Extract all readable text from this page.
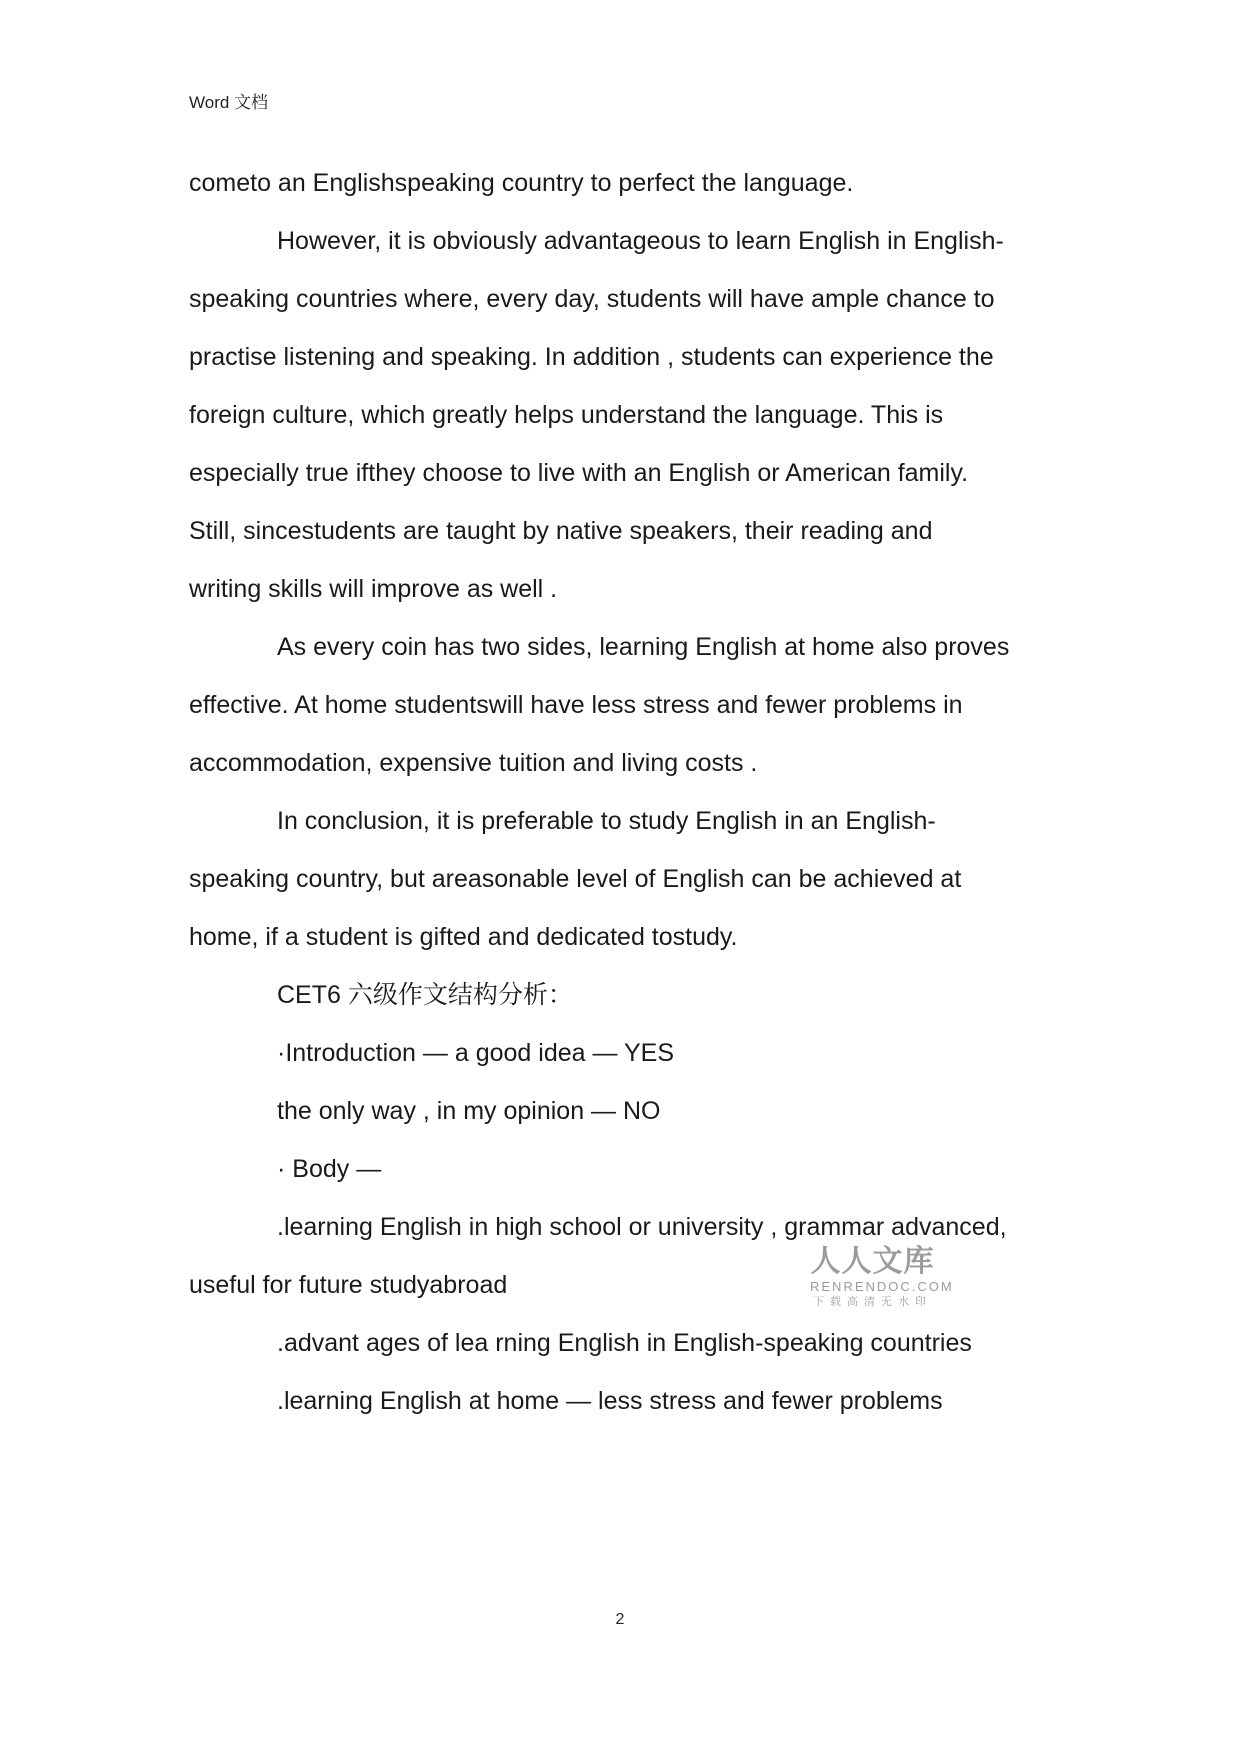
Word 文档
cometo an Englishspeaking country to perfect the language.
However, it is obviously advantageous to learn English in English-
speaking countries where, every day, students will have ample chance to
practise listening and speaking. In addition , students can experience the
foreign culture, which greatly helps understand the language. This is
especially true ifthey choose to live with an English or American family.
Still, sincestudents are taught by native speakers, their reading and
writing skills will improve as well .
As every coin has two sides, learning English at home also proves
effective. At home studentswill have less stress and fewer problems in
accommodation, expensive tuition and living costs .
In conclusion, it is preferable to study English in an English-
speaking country, but areasonable level of English can be achieved at
home, if a student is gifted and dedicated tostudy.
CET6 六级作文结构分析：
·Introduction — a good idea — YES
the only way , in my opinion — NO
· Body —
.learning English in high school or university , grammar advanced,
useful for future studyabroad
.advant ages of lea rning English in English-speaking countries
.learning English at home — less stress and fewer problems
人人文库
RENRENDOC.COM
下载高清无水印
2
